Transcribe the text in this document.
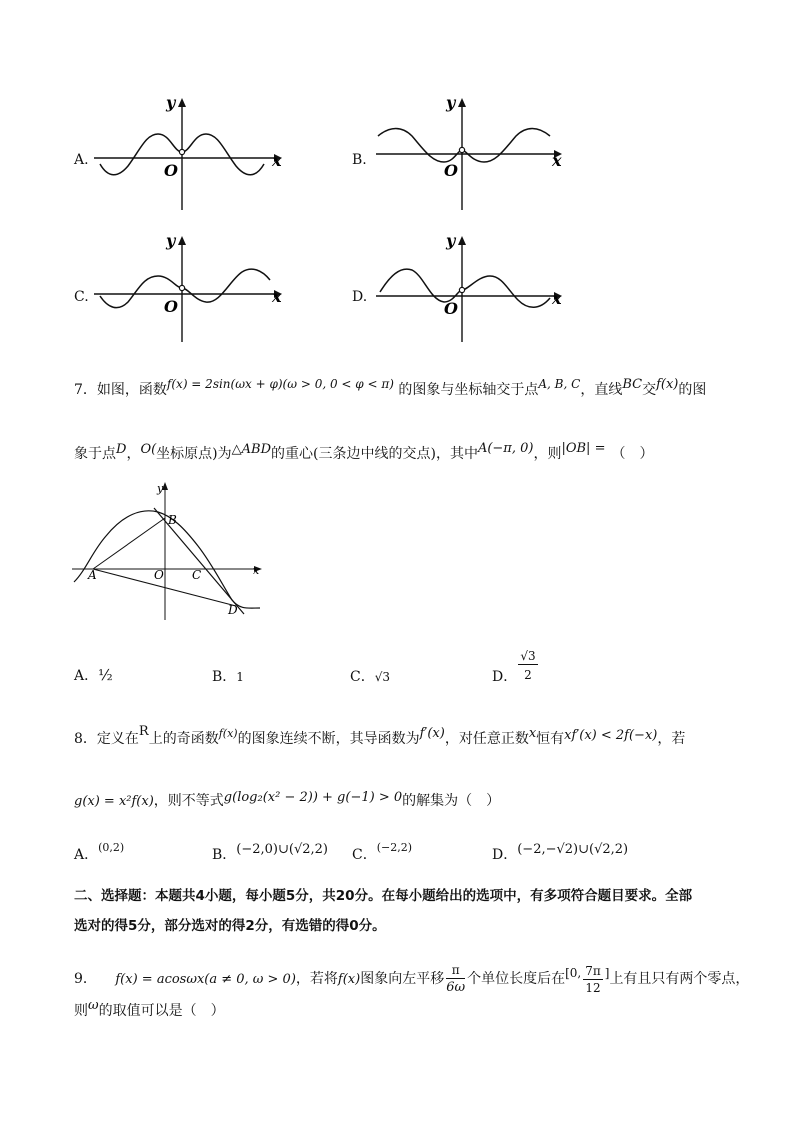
A.
y
O
x	B.
y
O
x
C.
y
O
x	D.
y
O
x
7．如图，函数f(x) = 2sin(ωx + φ)(ω > 0, 0 < φ < π) 的图象与坐标轴交于点A, B, C，直线BC交f(x)的图
象于点D，O(坐标原点)为△ABD的重心(三条边中线的交点)，其中A(−π, 0)，则|OB| = （　）
y
x
B
A	O C
D
A．½	B．1	C．√3	D． $\frac{√3}{2}$
8．定义在R上的奇函数$^{f(x)}$的图象连续不断，其导函数为f′(x)，对任意正数x恒有xf′(x) < 2f(−x)，若
g(x) = x²f(x)，则不等式g(log₂(x² − 2)) + g(−1) > 0的解集为（　）
A．$^{(0,2)}$	B．(−2,0)∪(√2,2) C．$^{(-2,2)}$	D．(−2,−√2)∪(√2,2)
二、选择题：本题共4小题，每小题5分，共20分。在每小题给出的选项中，有多项符合题目要求。全部
选对的得5分，部分选对的得2分，有选错的得0分。
9． f(x) = acosωx(a ≠ 0, ω > 0)，若将f(x)图象向左平移 $\frac{\pi}{6\omega}$ 个单位长度后在[0, $\frac{7\pi}{12}$ ]上有且只有两个零点，
则ω的取值可以是（　）
